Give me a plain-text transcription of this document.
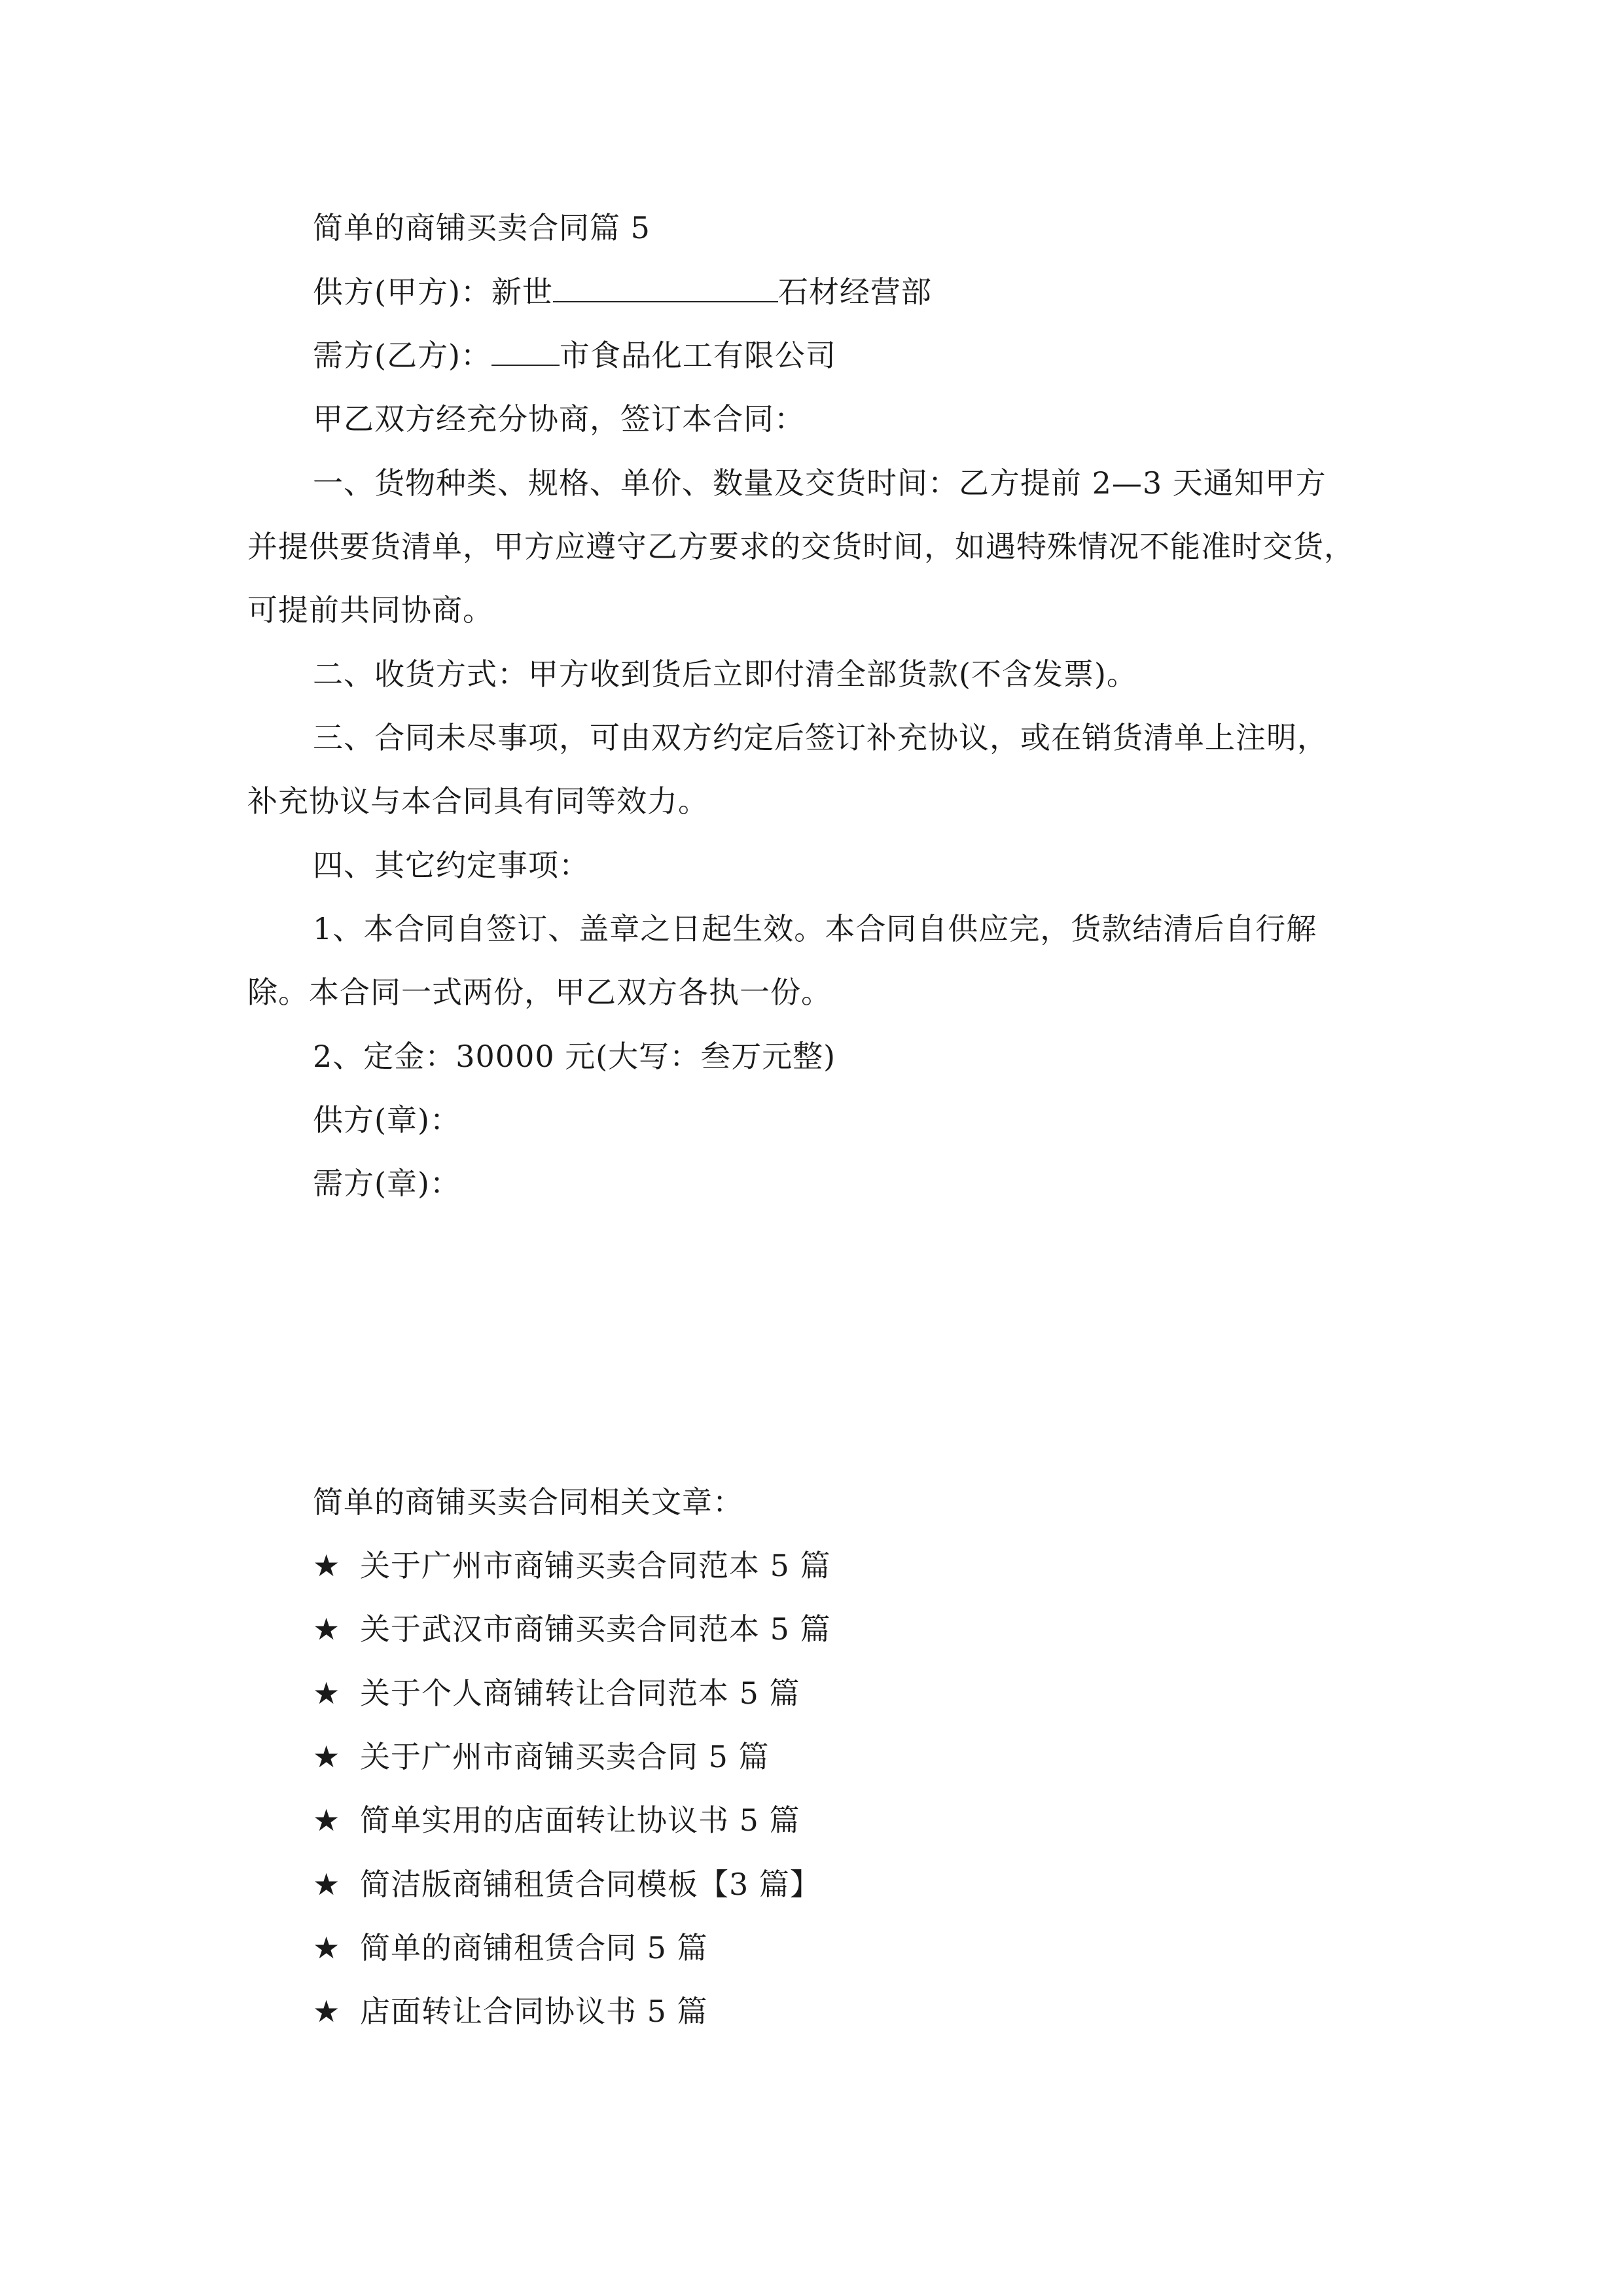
简单的商铺买卖合同篇 5
供方(甲方)：新世	石材经营部
需方(乙方)： 市食品化工有限公司
甲乙双方经充分协商，签订本合同：
一、货物种类、规格、单价、数量及交货时间：乙方提前 2—3 天通知甲方
并提供要货清单，甲方应遵守乙方要求的交货时间，如遇特殊情况不能准时交货，
可提前共同协商。
二、收货方式：甲方收到货后立即付清全部货款(不含发票)。
三、合同未尽事项，可由双方约定后签订补充协议，或在销货清单上注明，
补充协议与本合同具有同等效力。
四、其它约定事项：
1、本合同自签订、盖章之日起生效。本合同自供应完，货款结清后自行解
除。本合同一式两份，甲乙双方各执一份。
2、定金：30000 元(大写：叁万元整)
供方(章)：
需方(章)：
简单的商铺买卖合同相关文章：
★ 关于广州市商铺买卖合同范本 5 篇
★ 关于武汉市商铺买卖合同范本 5 篇
★ 关于个人商铺转让合同范本 5 篇
★ 关于广州市商铺买卖合同 5 篇
★ 简单实用的店面转让协议书 5 篇
★ 简洁版商铺租赁合同模板【3 篇】
★ 简单的商铺租赁合同 5 篇
★ 店面转让合同协议书 5 篇
